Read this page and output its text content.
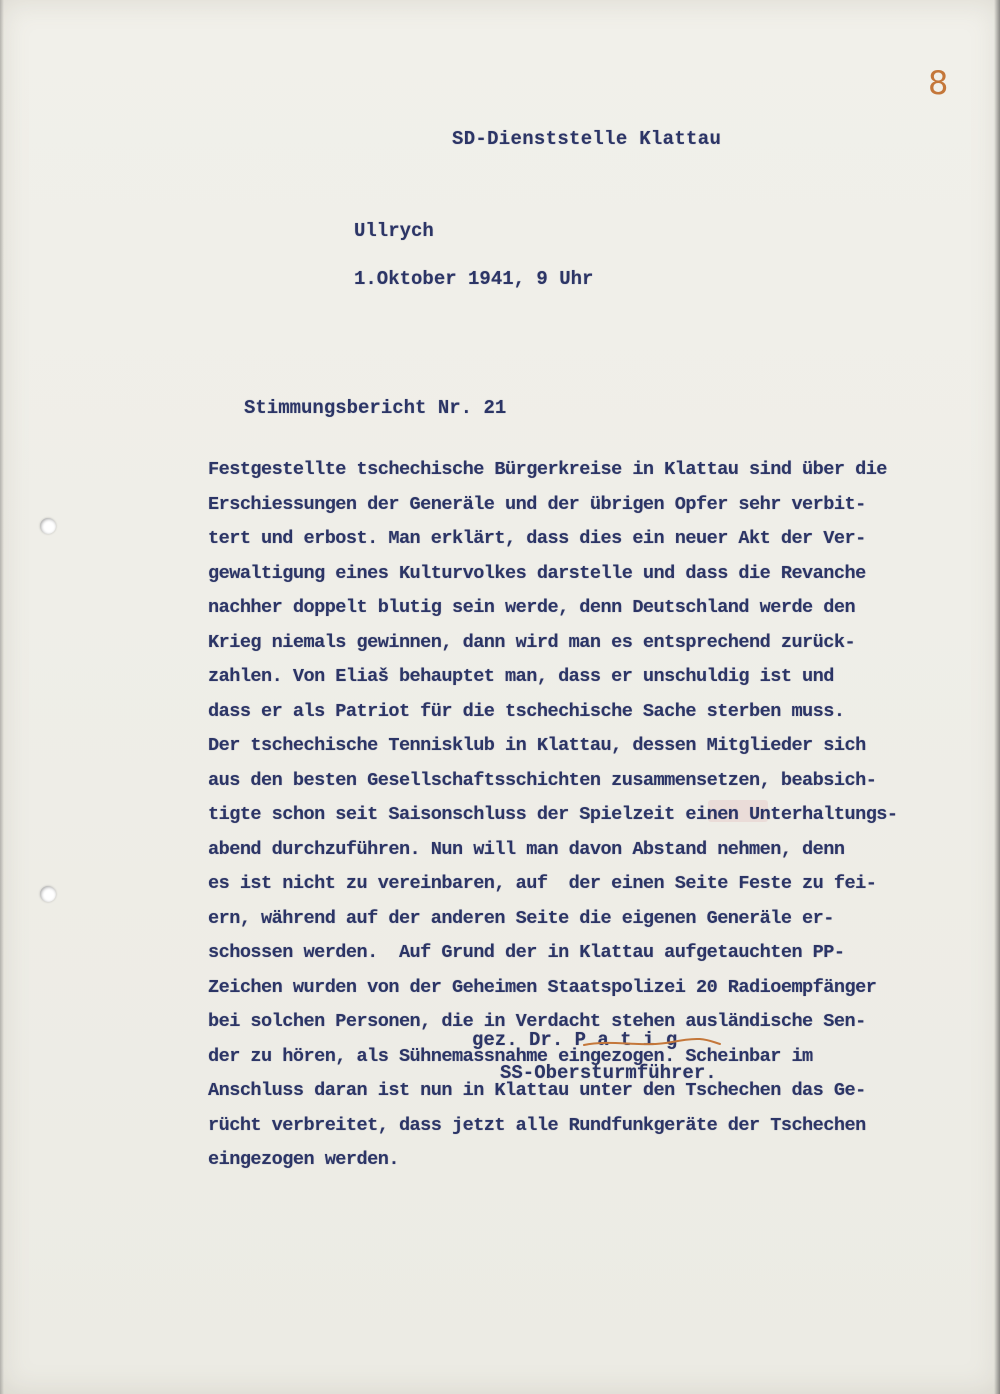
8

SD-Dienststelle Klattau

Ullrych

1.Oktober 1941, 9 Uhr

Stimmungsbericht Nr. 21

Festgestellte tschechische Bürgerkreise in Klattau sind über die

Erschiessungen der Generäle und der übrigen Opfer sehr verbit-

tert und erbost. Man erklärt, dass dies ein neuer Akt der Ver-

gewaltigung eines Kulturvolkes darstelle und dass die Revanche

nachher doppelt blutig sein werde, denn Deutschland werde den

Krieg niemals gewinnen, dann wird man es entsprechend zurück-

zahlen. Von Eliaš behauptet man, dass er unschuldig ist und

dass er als Patriot für die tschechische Sache sterben muss.

Der tschechische Tennisklub in Klattau, dessen Mitglieder sich

aus den besten Gesellschaftsschichten zusammensetzen, beabsich-

tigte schon seit Saisonschluss der Spielzeit einen Unterhaltungs-

abend durchzuführen. Nun will man davon Abstand nehmen, denn

es ist nicht zu vereinbaren, auf  der einen Seite Feste zu fei-

ern, während auf der anderen Seite die eigenen Generäle er-

schossen werden.  Auf Grund der in Klattau aufgetauchten PP-

Zeichen wurden von der Geheimen Staatspolizei 20 Radioempfänger

bei solchen Personen, die in Verdacht stehen ausländische Sen-

der zu hören, als Sühnemassnahme eingezogen. Scheinbar im

Anschluss daran ist nun in Klattau unter den Tschechen das Ge-

rücht verbreitet, dass jetzt alle Rundfunkgeräte der Tschechen

eingezogen werden.

gez. Dr. P a t i g

SS-Obersturmführer.
